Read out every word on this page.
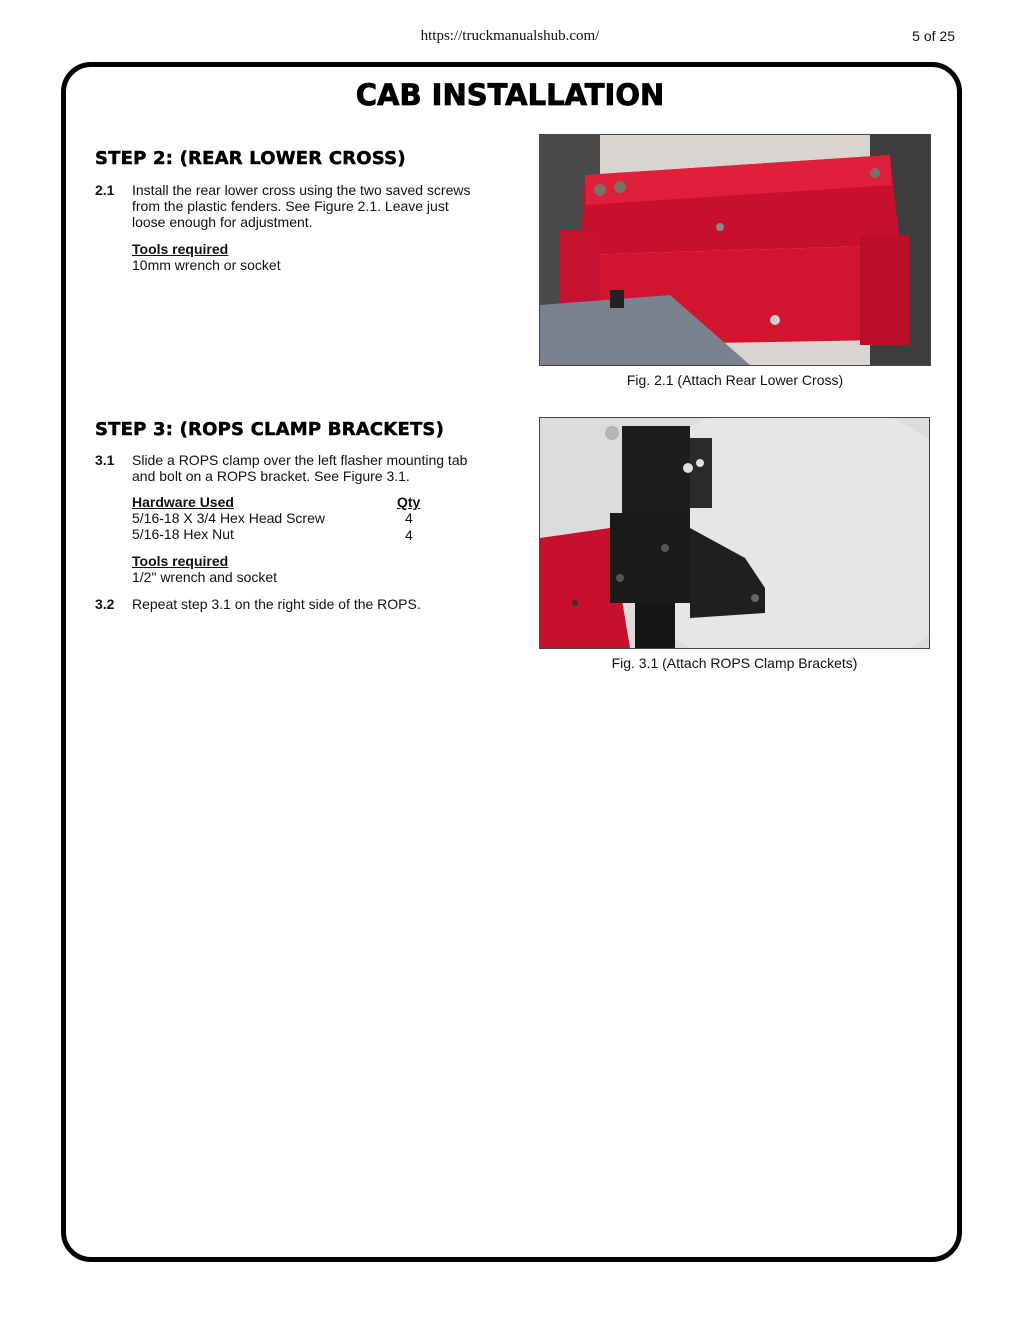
https://truckmanualshub.com/	5 of 25
CAB INSTALLATION
STEP 2: (REAR LOWER CROSS)
2.1 Install the rear lower cross using the two saved screws
from the plastic fenders. See Figure 2.1. Leave just
loose enough for adjustment.
Tools required
10mm wrench or socket
Fig. 2.1 (Attach Rear Lower Cross)
STEP 3: (ROPS CLAMP BRACKETS)
3.1 Slide a ROPS clamp over the left flasher mounting tab
and bolt on a ROPS bracket. See Figure 3.1.
Hardware Used
5/16-18 X 3/4 Hex Head Screw
5/16-18 Hex Nut
Qty
4
4
Tools required
1/2" wrench and socket
3.2 Repeat step 3.1 on the right side of the ROPS.
Fig. 3.1 (Attach ROPS Clamp Brackets)
